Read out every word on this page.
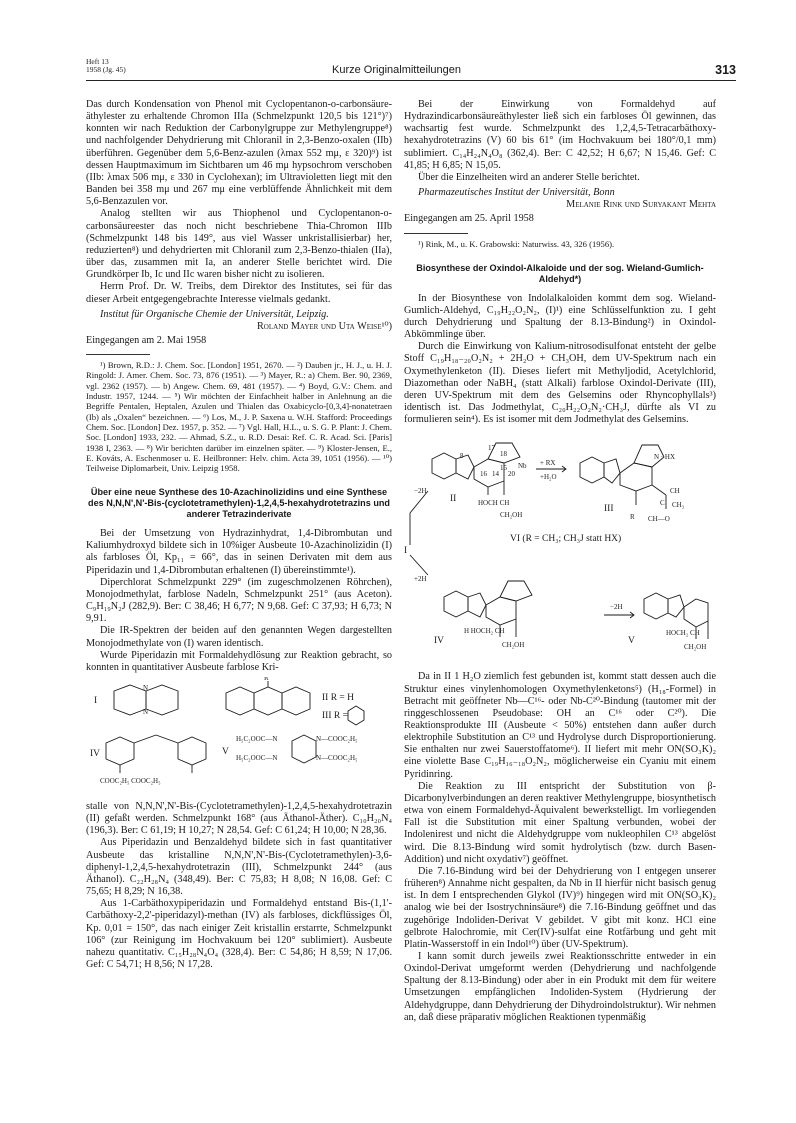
Heft 13
1958 (Jg. 45)	Kurze Originalmitteilungen	313

Das durch Kondensation von Phenol mit Cyclopentanon-o-carbonsäure-äthylester zu erhaltende Chromon IIIa (Schmelzpunkt 120,5 bis 121°)⁷) konnten wir nach Reduktion der Carbonylgruppe zur Methylengruppe⁸) und nachfolgender Dehydrierung mit Chloranil in 2,3-Benzo-oxalen (IIb) überführen. Gegenüber dem 5,6-Benz-azulen (λmax 552 mμ, ε 320)⁹) ist dessen Hauptmaximum im Sichtbaren um 46 mμ hypsochrom verschoben (IIb: λmax 506 mμ, ε 330 in Cyclohexan); im Ultravioletten liegt mit den Banden bei 358 mμ und 267 mμ eine verblüffende Ähnlichkeit mit dem 5,6-Benzazulen vor.

Analog stellten wir aus Thiophenol und Cyclopentanon-o-carbonsäureester das noch nicht beschriebene Thia-Chromon IIIb (Schmelzpunkt 148 bis 149°, aus viel Wasser unkristallisierbar) her, reduzierten⁸) und dehydrierten mit Chloranil zum 2,3-Benzo-thialen (IIa), über das, zusammen mit Ia, an anderer Stelle berichtet wird. Die Grundkörper Ib, Ic und IIc waren bisher nicht zu isolieren.

Herrn Prof. Dr. W. Treibs, dem Direktor des Institutes, sei für das dieser Arbeit entgegengebrachte Interesse vielmals gedankt.

Institut für Organische Chemie der Universität, Leipzig.

Roland Mayer und Uta Weise¹⁰)

Eingegangen am 2. Mai 1958

¹) Brown, R.D.: J. Chem. Soc. [London] 1951, 2670. — ²) Dauben jr., H. J., u. H. J. Ringold: J. Amer. Chem. Soc. 73, 876 (1951). — ³) Mayer, R.: a) Chem. Ber. 90, 2369, vgl. 2362 (1957). — b) Angew. Chem. 69, 481 (1957). — ⁴) Boyd, G.V.: Chem. and Industr. 1957, 1244. — ⁵) Wir möchten der Einfachheit halber in Anlehnung an die Begriffe Pentalen, Heptalen, Azulen und Thialen das Oxabicyclo-[0,3,4]-nonatetraen (Ib) als „Oxalen“ bezeichnen. — ⁶) Los, M., J. P. Saxena u. W.H. Stafford: Proceedings Chem. Soc. [London] Dez. 1957, p. 352. — ⁷) Vgl. Hall, H.L., u. S. G. P. Plant: J. Chem. Soc. [London] 1933, 232. — Ahmad, S.Z., u. R.D. Desai: Ref. C. R. Acad. Sci. [Paris] 1938 I, 2363. — ⁸) Wir berichten darüber im einzelnen später. — ⁹) Kloster-Jensen, E., E. Kováts, A. Eschenmoser u. E. Heilbronner: Helv. chim. Acta 39, 1051 (1956). — ¹⁰) Teilweise Diplomarbeit, Univ. Leipzig 1958.

Über eine neue Synthese des 10-Azachinolizidins und eine Synthese des N,N,N',N'-Bis-(cyclotetramethylen)-1,2,4,5-hexahydrotetrazins und anderer Tetrazinderivate

Bei der Umsetzung von Hydrazinhydrat, 1,4-Dibrombutan und Kaliumhydroxyd bildete sich in 10%iger Ausbeute 10-Azachinolizidin (I) als farbloses Öl, Kp₁₁ = 66°, das in seinen Derivaten mit dem aus Piperidazin und 1,4-Dibrombutan erhaltenen (I) übereinstimmte¹).

Diperchlorat Schmelzpunkt 229° (im zugeschmolzenen Röhrchen), Monojodmethylat, farblose Nadeln, Schmelzpunkt 251° (aus Aceton). C₉H₁₉N₂J (282,9). Ber: C 38,46; H 6,77; N 9,68. Gef: C 37,93; H 6,73; N 9,91.

Die IR-Spektren der beiden auf den genannten Wegen dargestellten Monojodmethylate von (I) waren identisch.

Wurde Piperidazin mit Formaldehydlösung zur Reaktion gebracht, so konnten in quantitativer Ausbeute farblose Kri-

I
N
N
R
II R = H
III R =
IV
COOC₂H₅ COOC₂H₅
V
H₅C₂OOC—N	N—COOC₂H₅
H₅C₂OOC—N	N—COOC₂H₅

stalle von N,N,N',N'-Bis-(Cyclotetramethylen)-1,2,4,5-hexahydrotetrazin (II) gefaßt werden. Schmelzpunkt 168° (aus Äthanol-Äther). C₁₀H₂₀N₄ (196,3). Ber: C 61,19; H 10,27; N 28,54. Gef: C 61,24; H 10,00; N 28,36.

Aus Piperidazin und Benzaldehyd bildete sich in fast quantitativer Ausbeute das kristalline N,N,N',N'-Bis-(Cyclotetramethylen)-3,6-diphenyl-1,2,4,5-hexahydrotetrazin (III), Schmelzpunkt 244° (aus Äthanol). C₂₂H₂₈N₄ (348,49). Ber: C 75,83; H 8,08; N 16,08. Gef: C 75,65; H 8,29; N 16,38.

Aus 1-Carbäthoxypiperidazin und Formaldehyd entstand Bis-(1,1'-Carbäthoxy-2,2'-piperidazyl)-methan (IV) als farbloses, dickflüssiges Öl, Kp. 0,01 = 150°, das nach einiger Zeit kristallin erstarrte, Schmelzpunkt 106° (zur Reinigung im Hochvakuum bei 120° sublimiert). Ausbeute nahezu quantitativ. C₁₅H₂₈N₄O₄ (328,4). Ber: C 54,86; H 8,59; N 17,06. Gef: C 54,71; H 8,56; N 17,28.

Bei der Einwirkung von Formaldehyd auf Hydrazindicarbonsäureäthylester ließ sich ein farbloses Öl gewinnen, das wachsartig fest wurde. Schmelzpunkt des 1,2,4,5-Tetracarbäthoxy-hexahydrotetrazins (V) 60 bis 61° (im Hochvakuum bei 180°/0,1 mm) sublimiert. C₁₄H₂₄N₄O₈ (362,4). Ber: C 42,52; H 6,67; N 15,46. Gef: C 41,85; H 6,85; N 15,05.

Über die Einzelheiten wird an anderer Stelle berichtet.

Pharmazeutisches Institut der Universität, Bonn

Melanie Rink und Suryakant Mehta

Eingegangen am 25. April 1958

¹) Rink, M., u. K. Grabowski: Naturwiss. 43, 326 (1956).

Biosynthese der Oxindol-Alkaloide und der sog. Wieland-Gumlich-Aldehyd*)

In der Biosynthese von Indolalkaloiden kommt dem sog. Wieland-Gumlich-Aldehyd, C₁₉H₂₂O₂N₂, (I)¹) eine Schlüsselfunktion zu. I geht durch Dehydrierung und Spaltung der 8.13-Bindung²) in Oxindol-Abkömmlinge über.

Durch die Einwirkung von Kalium-nitrosodisulfonat entsteht der gelbe Stoff C₁₉H₁₈₋₂₀O₂N₂ + 2H₂O + CH₃OH, dem UV-Spektrum nach ein Oxymethylenketon (II). Dieses liefert mit Methyljodid, Acetylchlorid, Diazomethan oder NaBH₄ (statt Alkali) farblose Oxindol-Derivate (III), deren UV-Spektrum mit dem des Gelsemins oder Rhyncophyllals³) identisch ist. Das Jodmethylat, C₂₀H₂₂O₂N₂·CH₃J, dürfte als VI zu formulieren sein⁴). Es ist isomer mit dem Jodmethylat des Gelsemins.

17
18
15
20
16
8
14
Nb + RX
+H₂O
−2H
II	HOCH CH
CH₂OH
N · HX
III
CH
R
C CH₃
CH—O
I
VI (R = CH₃; CH₃J statt HX)
+2H
−2H
IV
H HOCH₂ CH
CH₂OH	V
HOCH₂ CH
CH₂OH

Da in II 1 H₂O ziemlich fest gebunden ist, kommt statt dessen auch die Struktur eines vinylenhomologen Oxymethylenketons⁵) (H₁₈-Formel) in Betracht mit geöffneter Nb—C¹⁶- oder Nb-C²⁰-Bindung (tautomer mit der ringgeschlossenen Pseudobase: OH an C¹⁶ oder C²⁰). Die Reaktionsprodukte III (Ausbeute < 50%) entstehen dann außer durch elektrophile Substitution an C¹³ und Hydrolyse durch Disproportionierung. Sie enthalten nur zwei Sauerstoffatome⁶). II liefert mit mehr ON(SO₃K)₂ eine violette Base C₁₉H₁₆₋₁₈O₂N₂, möglicherweise ein Cyaniu mit einem Pyridinring.

Die Reaktion zu III entspricht der Substitution von β-Dicarbonylverbindungen an deren reaktiver Methylengruppe, biosynthetisch etwa von einem Formaldehyd-Äquivalent bewerkstelligt. Im vorliegenden Fall ist die Substitution mit einer Spaltung verbunden, wobei der Indolenirest und nicht die Aldehydgruppe vom nukleophilen C¹³ abgelöst wird. Die 8.13-Bindung wird somit hydrolytisch (bzw. durch Basen-Addition) und nicht oxydativ⁷) geöffnet.

Die 7.16-Bindung wird bei der Dehydrierung von I entgegen unserer früheren⁸) Annahme nicht gespalten, da Nb in II hierfür nicht basisch genug ist. In dem I entsprechenden Glykol (IV)⁹) hingegen wird mit ON(SO₃K)₂ analog wie bei der Isostrychninsäure⁸) die 7.16-Bindung geöffnet und das zugehörige Indoliden-Derivat V gebildet. V gibt mit konz. HCl eine gelbrote Halochromie, mit Cer(IV)-sulfat eine Rotfärbung und geht mit Platin-Wasserstoff in ein Indol¹⁰) über (UV-Spektrum).

I kann somit durch jeweils zwei Reaktionsschritte entweder in ein Oxindol-Derivat umgeformt werden (Dehydrierung und nachfolgende Spaltung der 8.13-Bindung) oder aber in ein Produkt mit dem für weitere Umsetzungen empfänglichen Indoliden-System (Hydrierung der Aldehydgruppe, dann Dehydrierung der Dihydroindolstruktur). Wir nehmen an, daß diese präparativ möglichen Reaktionen typenmäßig
